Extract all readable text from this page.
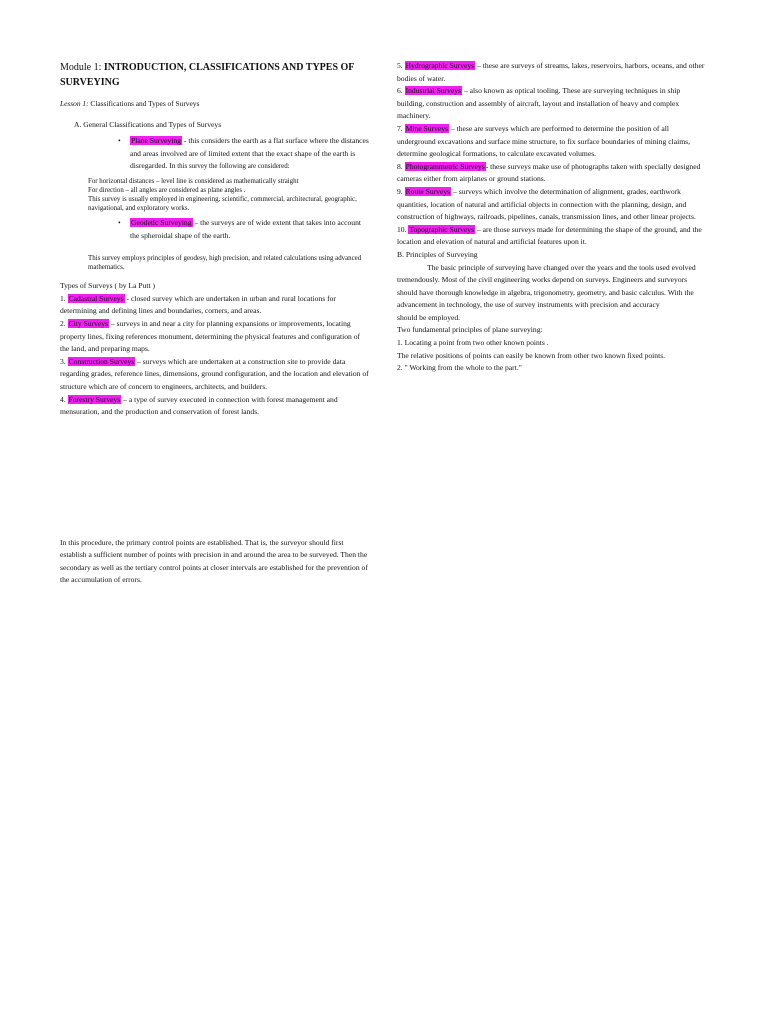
Module 1: INTRODUCTION, CLASSIFICATIONS AND TYPES OF SURVEYING
Lesson 1: Classifications and Types of Surveys
A. General Classifications and Types of Surveys
• Plane Surveying - this considers the earth as a flat surface where the distances and areas involved are of limited extent that the exact shape of the earth is disregarded. In this survey the following are considered:
For horizontal distances – level line is considered as mathematically straight
For direction – all angles are considered as plane angles .
This survey is usually employed in engineering, scientific, commercial, architectural, geographic, navigational, and exploratory works.
• Geodetic Surveying – the surveys are of wide extent that takes into account the spheroidal shape of the earth.
This survey employs principles of geodesy, high precision, and related calculations using advanced mathematics.

Types of Surveys ( by La Putt )

1. Cadastral Surveys - closed survey which are undertaken in urban and rural locations for determining and defining lines and boundaries, corners, and areas.

2. City Surveys – surveys in and near a city for planning expansions or improvements, locating property lines, fixing references monument, determining the physical features and configuration of the land, and preparing maps.

3. Construction Surveys – surveys which are undertaken at a construction site to provide data regarding grades, reference lines, dimensions, ground configuration, and the location and elevation of structure which are of concern to engineers, architects, and builders.

4. Forestry Surveys – a type of survey executed in connection with forest management and mensuration, and the production and conservation of forest lands.

In this procedure, the primary control points are established. That is, the surveyor should first establish a sufficient number of points with precision in and around the area to be surveyed. Then the secondary as well as the tertiary control points at closer intervals are established for the prevention of the accumulation of errors.

5. Hydrographic Surveys – these are surveys of streams, lakes, reservoirs, harbors, oceans, and other bodies of water.

6. Industrial Surveys – also known as optical tooling. These are surveying techniques in ship building, construction and assembly of aircraft, layout and installation of heavy and complex machinery.

7. Mine Surveys – these are surveys which are performed to determine the position of all underground excavations and surface mine structure, to fix surface boundaries of mining claims, determine geological formations, to calculate excavated volumes.

8. Photogrammetric Surveys- these surveys make use of photographs taken with specially designed cameras either from airplanes or ground stations.

9. Route Surveys – surveys which involve the determination of alignment, grades, earthwork quantities, location of natural and artificial objects in connection with the planning, design, and construction of highways, railroads, pipelines, canals, transmission lines, and other linear projects.

10. Topographic Surveys – are those surveys made for determining the shape of the ground, and the location and elevation of natural and artificial features upon it.

B. Principles of Surveying

The basic principle of surveying have changed over the years and the tools used evolved tremendously. Most of the civil engineering works depend on surveys. Engineers and surveyors should have thorough knowledge in algebra, trigonometry, geometry, and basic calculus. With the advancement in technology, the use of survey instruments with precision and accuracy

should be employed.

Two fundamental principles of plane surveying:

1. Locating a point from two other known points .

The relative positions of points can easily be known from other two known fixed points.

2. " Working from the whole to the part."
